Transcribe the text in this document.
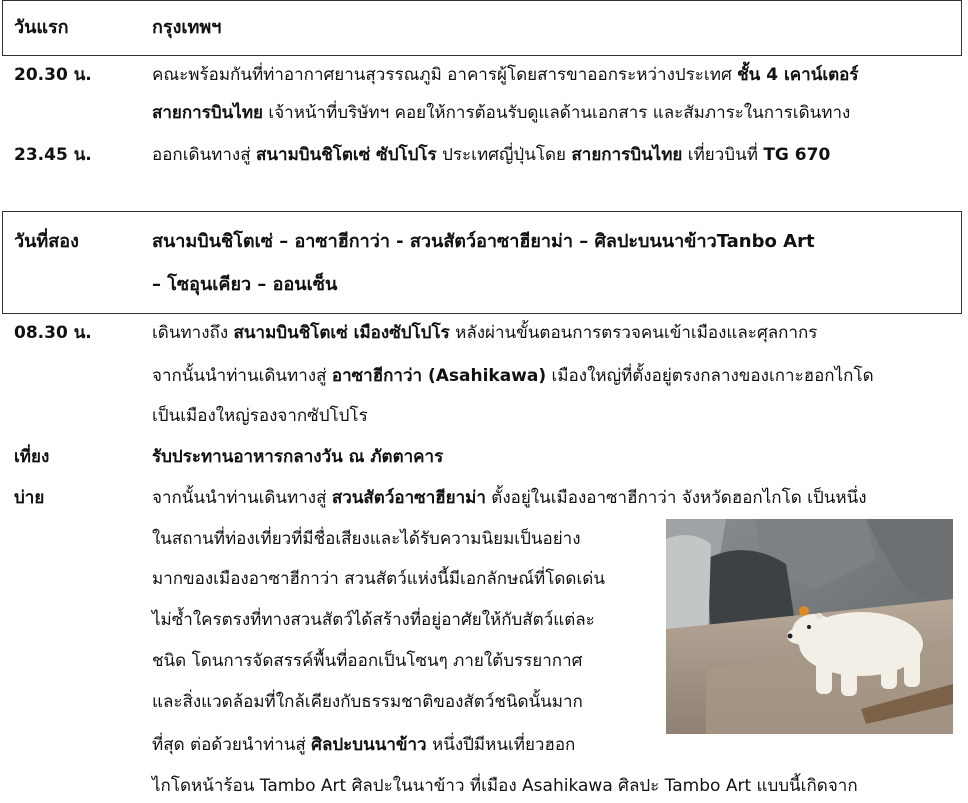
วันแรก	กรุงเทพฯ
20.30 น.	คณะพร้อมกันที่ท่าอากาศยานสุวรรณภูมิ อาคารผู้โดยสารขาออกระหว่างประเทศ ชั้น 4 เคาน์เตอร์
สายการบินไทย เจ้าหน้าที่บริษัทฯ คอยให้การต้อนรับดูแลด้านเอกสาร และสัมภาระในการเดินทาง
23.45 น.	ออกเดินทางสู่ สนามบินชิโตเซ่ ซัปโปโร ประเทศญี่ปุ่นโดย สายการบินไทย เที่ยวบินที่ TG 670
วันที่สอง	สนามบินชิโตเซ่ – อาซาฮีกาว่า - สวนสัตว์อาซาฮียาม่า – ศิลปะบนนาข้าวTanbo Art
– โซอุนเคียว – ออนเซ็น
08.30 น.	เดินทางถึง สนามบินชิโตเซ่ เมืองซัปโปโร หลังผ่านขั้นตอนการตรวจคนเข้าเมืองและศุลกากร
จากนั้นนำท่านเดินทางสู่ อาซาฮีกาว่า (Asahikawa) เมืองใหญ่ที่ตั้งอยู่ตรงกลางของเกาะฮอกไกโด
เป็นเมืองใหญ่รองจากซัปโปโร
เที่ยง	รับประทานอาหารกลางวัน ณ ภัตตาคาร
บ่าย	จากนั้นนำท่านเดินทางสู่ สวนสัตว์อาซาฮียาม่า ตั้งอยู่ในเมืองอาซาฮีกาว่า จังหวัดฮอกไกโด เป็นหนึ่ง
ในสถานที่ท่องเที่ยวที่มีชื่อเสียงและได้รับความนิยมเป็นอย่าง
มากของเมืองอาซาฮีกาว่า สวนสัตว์แห่งนี้มีเอกลักษณ์ที่โดดเด่น
ไม่ซ้ำใครตรงที่ทางสวนสัตว์ได้สร้างที่อยู่อาศัยให้กับสัตว์แต่ละ
ชนิด โดนการจัดสรรค์พื้นที่ออกเป็นโซนๆ ภายใต้บรรยากาศ
และสิ่งแวดล้อมที่ใกล้เคียงกับธรรมชาติของสัตว์ชนิดนั้นมาก
ที่สุด ต่อด้วยนำท่านสู่ ศิลปะบนนาข้าว หนึ่งปีมีหนเที่ยวฮอก
ไกโดหน้าร้อน Tambo Art ศิลปะในนาข้าว ที่เมือง Asahikawa ศิลปะ Tambo Art แบบนี้เกิดจาก
